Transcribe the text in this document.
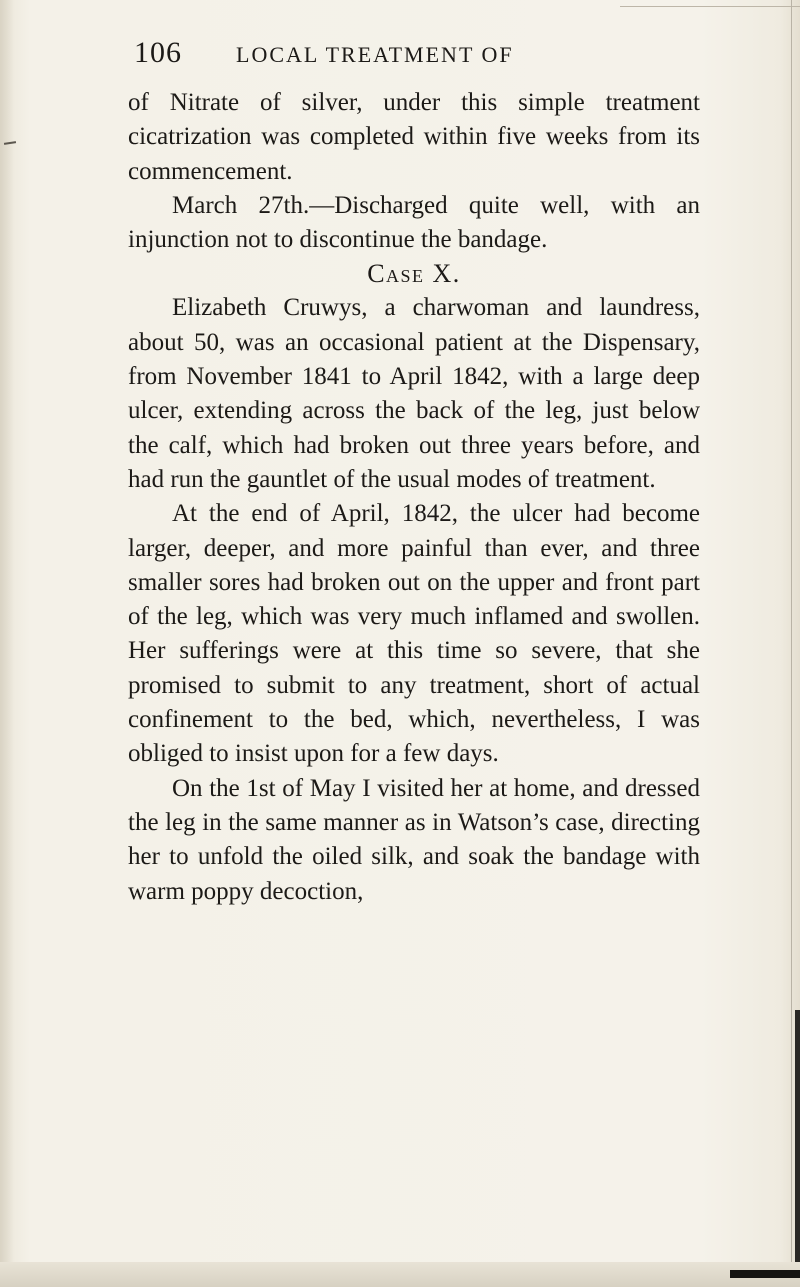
106 LOCAL TREATMENT OF

of Nitrate of silver, under this simple treatment cicatrization was completed within five weeks from its commencement.

March 27th.—Discharged quite well, with an injunction not to discontinue the bandage.

Case X.

Elizabeth Cruwys, a charwoman and laundress, about 50, was an occasional patient at the Dispensary, from November 1841 to April 1842, with a large deep ulcer, extending across the back of the leg, just below the calf, which had broken out three years before, and had run the gauntlet of the usual modes of treatment.

At the end of April, 1842, the ulcer had become larger, deeper, and more painful than ever, and three smaller sores had broken out on the upper and front part of the leg, which was very much inflamed and swollen. Her sufferings were at this time so severe, that she promised to submit to any treatment, short of actual confinement to the bed, which, nevertheless, I was obliged to insist upon for a few days.

On the 1st of May I visited her at home, and dressed the leg in the same manner as in Watson’s case, directing her to unfold the oiled silk, and soak the bandage with warm poppy decoction,
